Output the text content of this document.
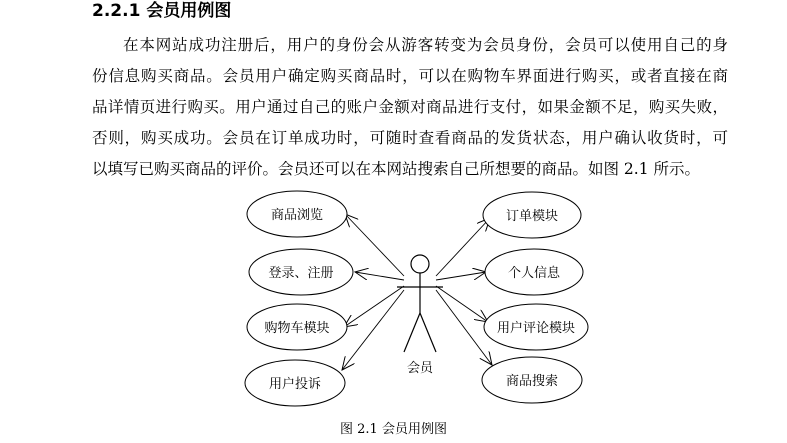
2.2.1 会员用例图
在本网站成功注册后，用户的身份会从游客转变为会员身份，会员可以使用自己的身
份信息购买商品。会员用户确定购买商品时，可以在购物车界面进行购买，或者直接在商
品详情页进行购买。用户通过自己的账户金额对商品进行支付，如果金额不足，购买失败，
否则，购买成功。会员在订单成功时，可随时查看商品的发货状态，用户确认收货时，可
以填写已购买商品的评价。会员还可以在本网站搜索自己所想要的商品。如图 2.1 所示。
会员
商品浏览
登录、注册
购物车模块
用户投诉
订单模块
个人信息
用户评论模块
商品搜索
图 2.1 会员用例图
